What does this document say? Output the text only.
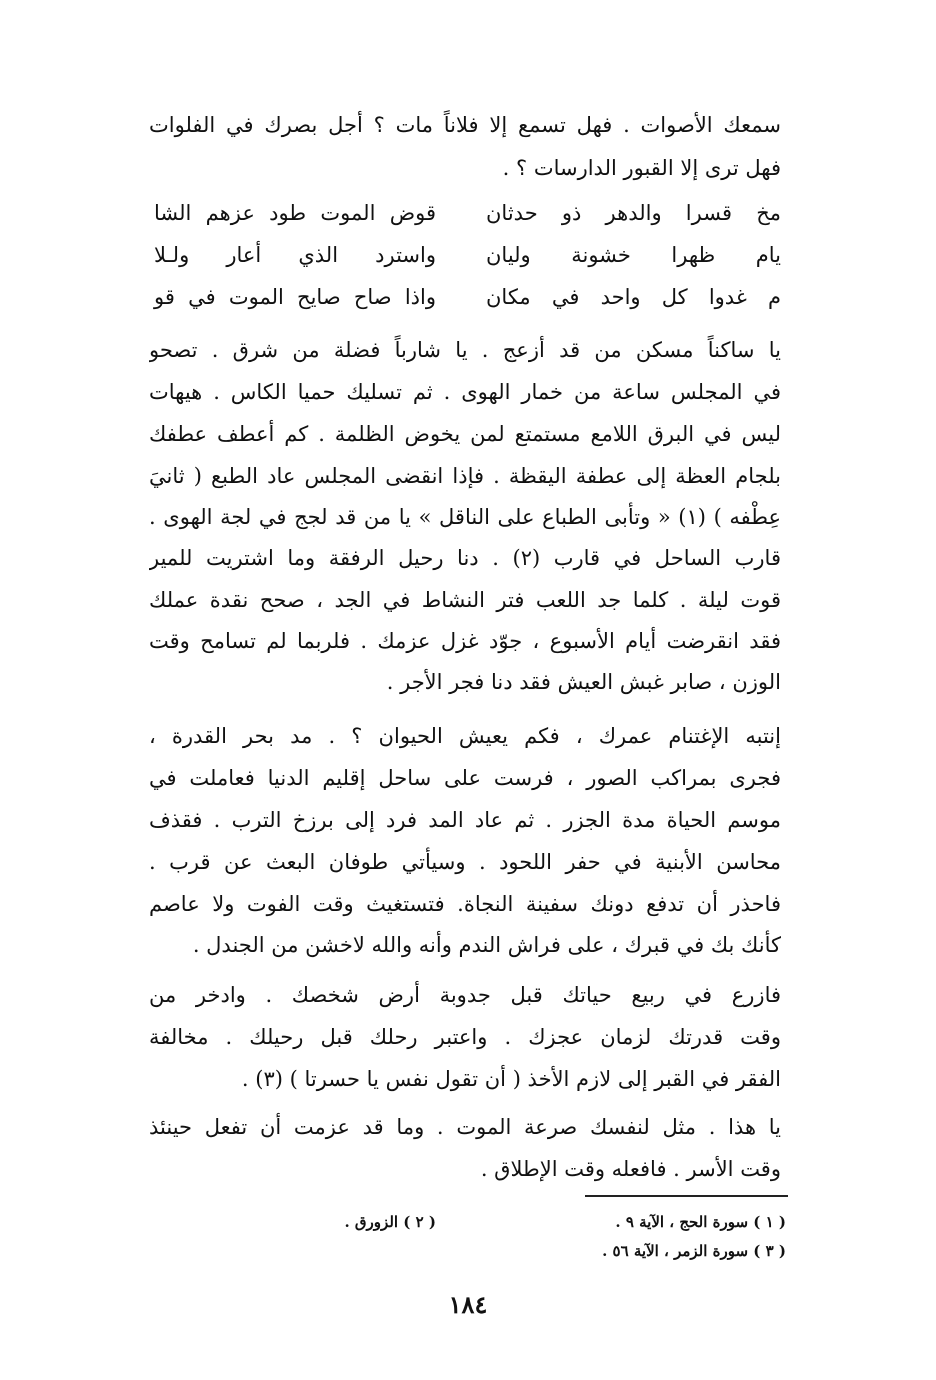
سمعك الأصوات . فهل تسمع إلا فلاناً مات ؟ أجل بصرك في الفلوات
فهل ترى إلا القبور الدارسات ؟ .
قوض الموت طود عزهم الشا مخ قسرا والدهر ذو حدثان
واسترد الذي أعار ولـلا يام ظهرا خشونة وليان
واذا صاح صايح الموت في قو م غدوا كل واحد في مكان
يا ساكناً مسكن من قد أزعج . يا شارباً فضلة من شرق . تصحو
في المجلس ساعة من خمار الهوى . ثم تسليك حميا الكاس . هيهات
ليس في البرق اللامع مستمتع لمن يخوض الظلمة . كم أعطف عطفك
بلجام العظة إلى عطفة اليقظة . فإذا انقضى المجلس عاد الطبع ( ثانيَ
عِطْفه ) (١) « وتأبى الطباع على الناقل » يا من قد لجج في لجة الهوى .
قارب الساحل في قارب (٢) . دنا رحيل الرفقة وما اشتريت للمير
قوت ليلة . كلما جد اللعب فتر النشاط في الجد ، صحح نقدة عملك
فقد انقرضت أيام الأسبوع ، جوّد غزل عزمك . فلربما لم تسامح وقت
الوزن ، صابر غبش العيش فقد دنا فجر الأجر .
إنتبه الإغتنام عمرك ، فكم يعيش الحيوان ؟ . مد بحر القدرة ،
فجرى بمراكب الصور ، فرست على ساحل إقليم الدنيا فعاملت في
موسم الحياة مدة الجزر . ثم عاد المد فرد إلى برزخ الترب . فقذف
محاسن الأبنية في حفر اللحود . وسيأتي طوفان البعث عن قرب .
فاحذر أن تدفع دونك سفينة النجاة. فتستغيث وقت الفوت ولا عاصم
كأنك بك في قبرك ، على فراش الندم وأنه والله لاخشن من الجندل .
فازرع في ربيع حياتك قبل جدوبة أرض شخصك . وادخر من
وقت قدرتك لزمان عجزك . واعتبر رحلك قبل رحيلك . مخالفة
الفقر في القبر إلى لازم الأخذ ( أن تقول نفس يا حسرتا ) (٣) .
يا هذا . مثل لنفسك صرعة الموت . وما قد عزمت أن تفعل حينئذ
وقت الأسر . فافعله وقت الإطلاق .
( ١ ) سورة الحج ، الآية ٩ .
( ٢ ) الزورق .
( ٣ ) سورة الزمر ، الآية ٥٦ .
١٨٤
